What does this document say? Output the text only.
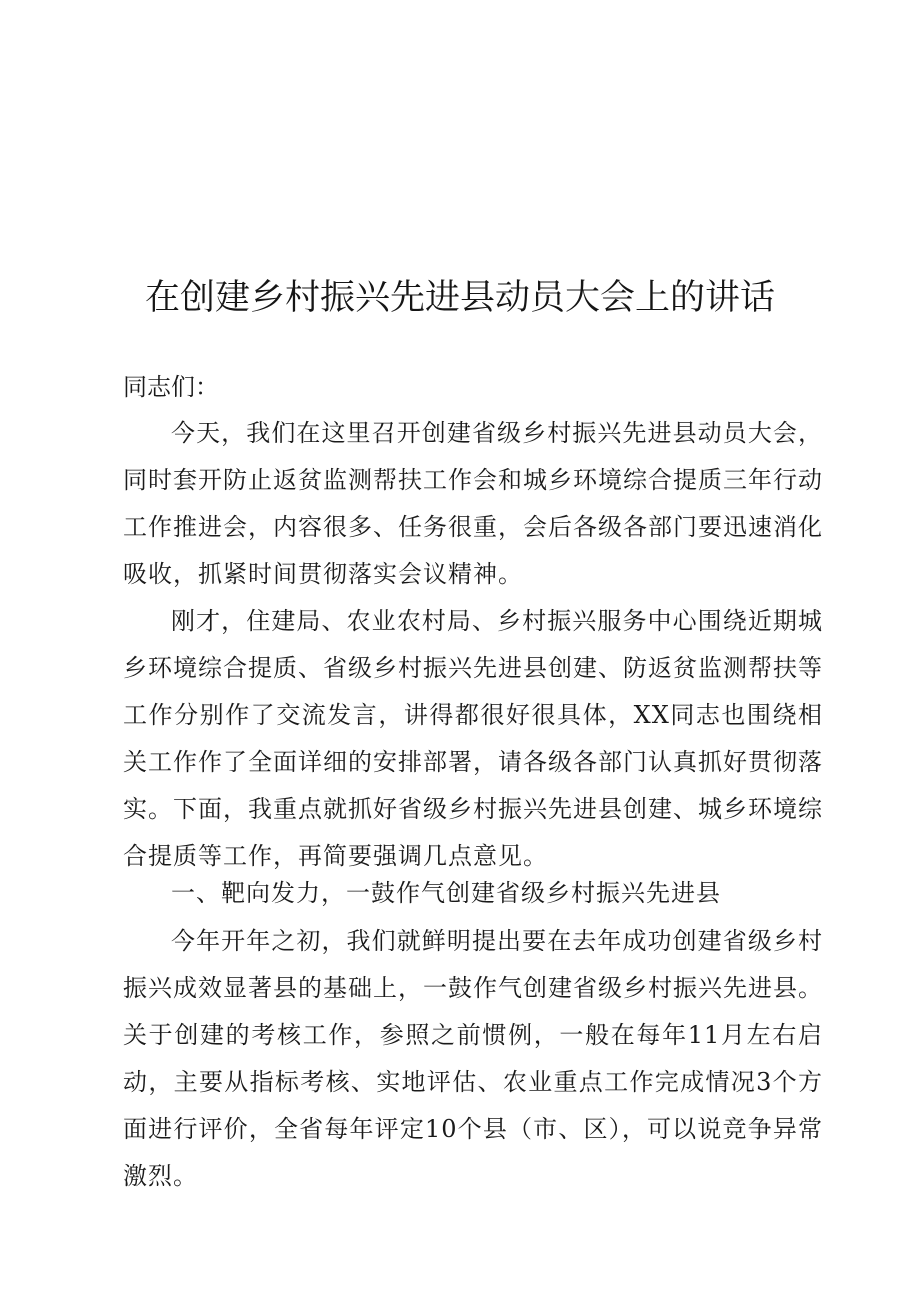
在创建乡村振兴先进县动员大会上的讲话
同志们：

今天，我们在这里召开创建省级乡村振兴先进县动员大会，同时套开防止返贫监测帮扶工作会和城乡环境综合提质三年行动工作推进会，内容很多、任务很重，会后各级各部门要迅速消化吸收，抓紧时间贯彻落实会议精神。

刚才，住建局、农业农村局、乡村振兴服务中心围绕近期城乡环境综合提质、省级乡村振兴先进县创建、防返贫监测帮扶等工作分别作了交流发言，讲得都很好很具体，XX同志也围绕相关工作作了全面详细的安排部署，请各级各部门认真抓好贯彻落实。下面，我重点就抓好省级乡村振兴先进县创建、城乡环境综合提质等工作，再简要强调几点意见。

一、靶向发力，一鼓作气创建省级乡村振兴先进县

今年开年之初，我们就鲜明提出要在去年成功创建省级乡村振兴成效显著县的基础上，一鼓作气创建省级乡村振兴先进县。关于创建的考核工作，参照之前惯例，一般在每年11月左右启动，主要从指标考核、实地评估、农业重点工作完成情况3个方面进行评价，全省每年评定10个县（市、区），可以说竞争异常激烈。
